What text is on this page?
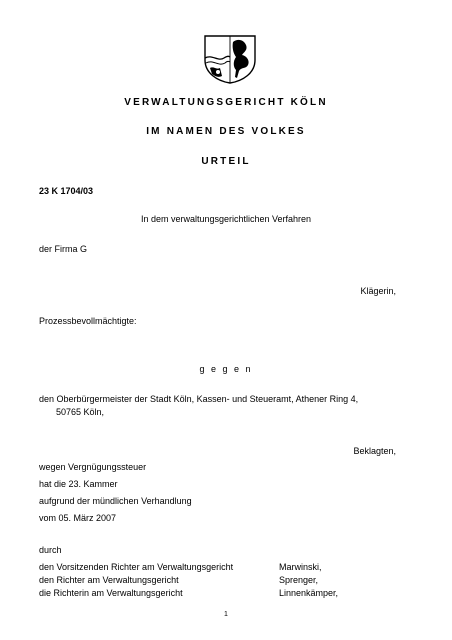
VERWALTUNGSGERICHT KÖLN
IM NAMEN DES VOLKES
URTEIL
23 K 1704/03
In dem verwaltungsgerichtlichen Verfahren
der Firma G
Klägerin,
Prozessbevollmächtigte:
g e g e n
den Oberbürgermeister der Stadt Köln, Kassen- und Steueramt, Athener Ring 4,
50765 Köln,
Beklagten,
wegen Vergnügungssteuer
hat die 23. Kammer
aufgrund der mündlichen Verhandlung
vom 05. März 2007
durch
den Vorsitzenden Richter am Verwaltungsgericht	Marwinski,
den Richter am Verwaltungsgericht	Sprenger,
die Richterin am Verwaltungsgericht	Linnenkämper,
1
